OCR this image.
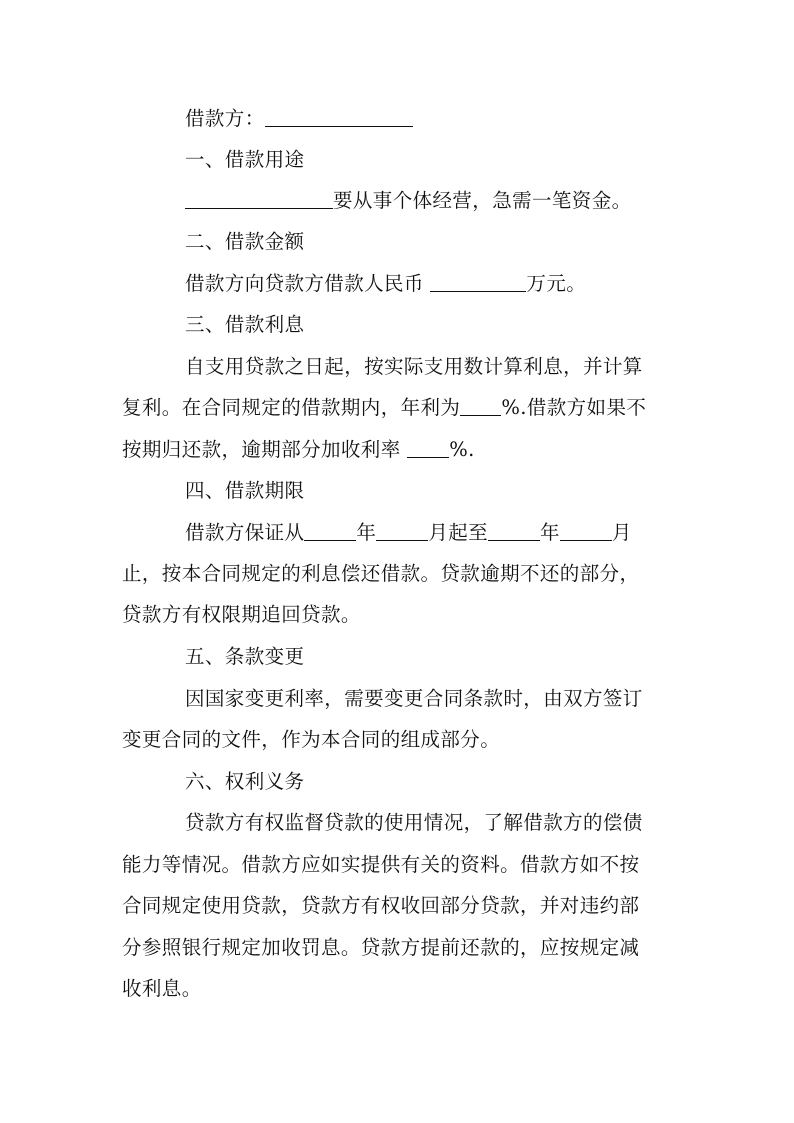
借款方：
一、借款用途
要从事个体经营，急需一笔资金。
二、借款金额
借款方向贷款方借款人民币	万元。
三、借款利息
自支用贷款之日起，按实际支用数计算利息，并计算
复利。在合同规定的借款期内，年利为 %.借款方如果不
按期归还款，逾期部分加收利率 %.
四、借款期限
借款方保证从	年	月起至	年	月
止，按本合同规定的利息偿还借款。贷款逾期不还的部分，
贷款方有权限期追回贷款。
五、条款变更
因国家变更利率，需要变更合同条款时，由双方签订
变更合同的文件，作为本合同的组成部分。
六、权利义务
贷款方有权监督贷款的使用情况，了解借款方的偿债
能力等情况。借款方应如实提供有关的资料。借款方如不按
合同规定使用贷款，贷款方有权收回部分贷款，并对违约部
分参照银行规定加收罚息。贷款方提前还款的，应按规定减
收利息。
